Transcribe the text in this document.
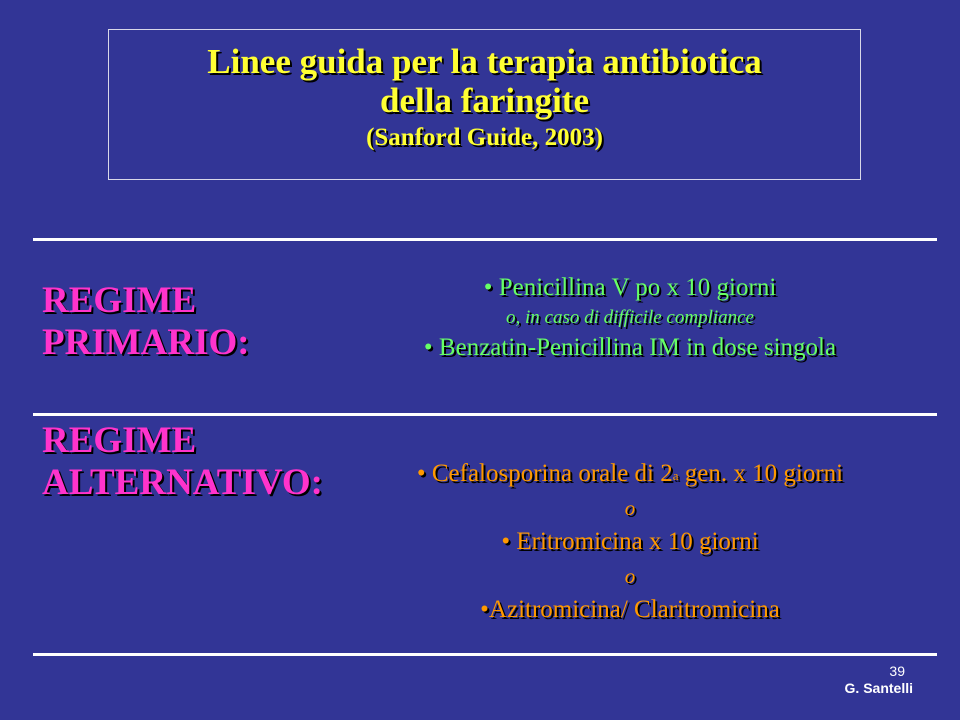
Linee guida per la terapia antibiotica
della faringite
(Sanford Guide, 2003)
REGIME
PRIMARIO:
• Penicillina V po x 10 giorni
o, in caso di difficile compliance
• Benzatin-Penicillina IM in dose singola
REGIME
ALTERNATIVO:	• Cefalosporina orale di 2$^a$ gen. x 10 giorni
o
• Eritromicina x 10 giorni
o
•Azitromicina/ Claritromicina
39
G. Santelli
